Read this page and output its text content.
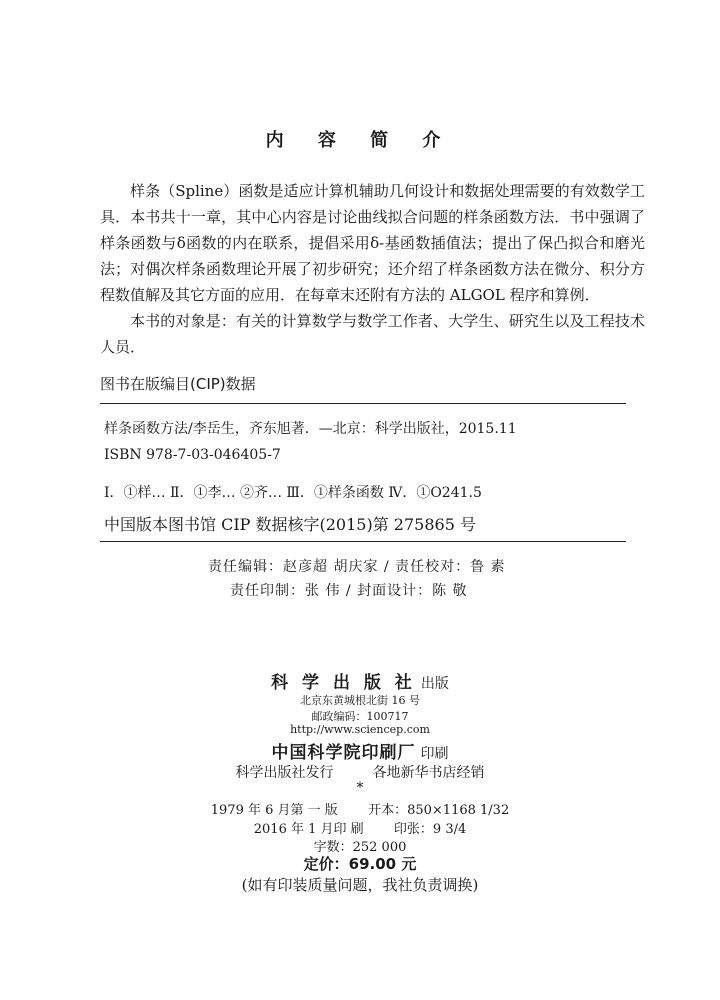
内 容 简 介

样条（Spline）函数是适应计算机辅助几何设计和数据处理需要的有效数学工具．本书共十一章，其中心内容是讨论曲线拟合问题的样条函数方法．书中强调了样条函数与δ函数的内在联系，提倡采用δ-基函数插值法；提出了保凸拟合和磨光法；对偶次样条函数理论开展了初步研究；还介绍了样条函数方法在微分、积分方程数值解及其它方面的应用．在每章末还附有方法的 ALGOL 程序和算例．

本书的对象是：有关的计算数学与数学工作者、大学生、研究生以及工程技术人员．

图书在版编目(CIP)数据
样条函数方法/李岳生，齐东旭著．—北京：科学出版社，2015.11
ISBN 978-7-03-046405-7
Ⅰ．①样… Ⅱ．①李… ②齐… Ⅲ．①样条函数 Ⅳ．①O241.5
中国版本图书馆 CIP 数据核字(2015)第 275865 号
责任编辑：赵彦超 胡庆家 / 责任校对：鲁 素
责任印制：张 伟 / 封面设计：陈 敬
科 学 出 版 社 出版
北京东黄城根北街 16 号
邮政编码：100717
http://www.sciencep.com
中国科学院印刷厂 印刷
科学出版社发行	各地新华书店经销
*
1979 年 6 月第 一 版 开本：850×1168 1/32
2016 年 1 月印 刷 印张：9 3/4
字数：252 000
定价：69.00 元
(如有印装质量问题，我社负责调换)
